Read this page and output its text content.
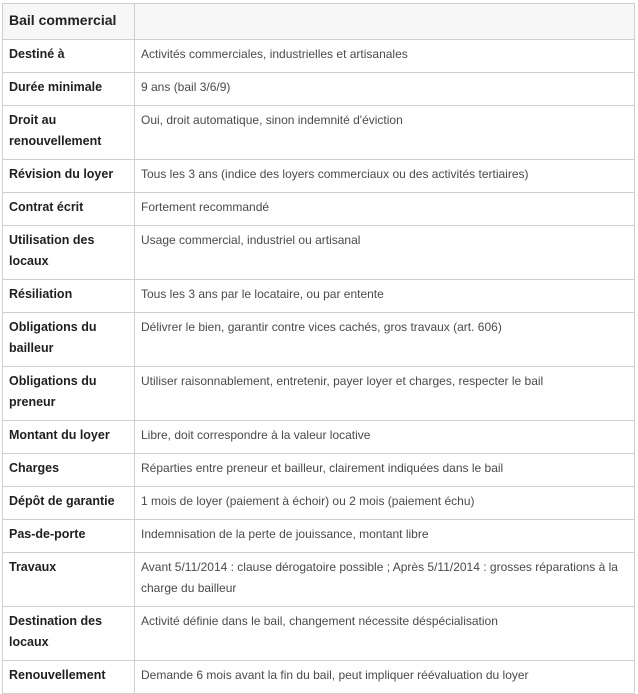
Bail commercial	
Destiné à	Activités commerciales, industrielles et artisanales
Durée minimale	9 ans (bail 3/6/9)
Droit au renouvellement	Oui, droit automatique, sinon indemnité d'éviction
Révision du loyer	Tous les 3 ans (indice des loyers commerciaux ou des activités tertiaires)
Contrat écrit	Fortement recommandé
Utilisation des locaux	Usage commercial, industriel ou artisanal
Résiliation	Tous les 3 ans par le locataire, ou par entente
Obligations du bailleur	Délivrer le bien, garantir contre vices cachés, gros travaux (art. 606)
Obligations du preneur	Utiliser raisonnablement, entretenir, payer loyer et charges, respecter le bail
Montant du loyer	Libre, doit correspondre à la valeur locative
Charges	Réparties entre preneur et bailleur, clairement indiquées dans le bail
Dépôt de garantie	1 mois de loyer (paiement à échoir) ou 2 mois (paiement échu)
Pas-de-porte	Indemnisation de la perte de jouissance, montant libre
Travaux	Avant 5/11/2014 : clause dérogatoire possible ; Après 5/11/2014 : grosses réparations à la charge du bailleur
Destination des locaux	Activité définie dans le bail, changement nécessite déspécialisation
Renouvellement	Demande 6 mois avant la fin du bail, peut impliquer réévaluation du loyer
